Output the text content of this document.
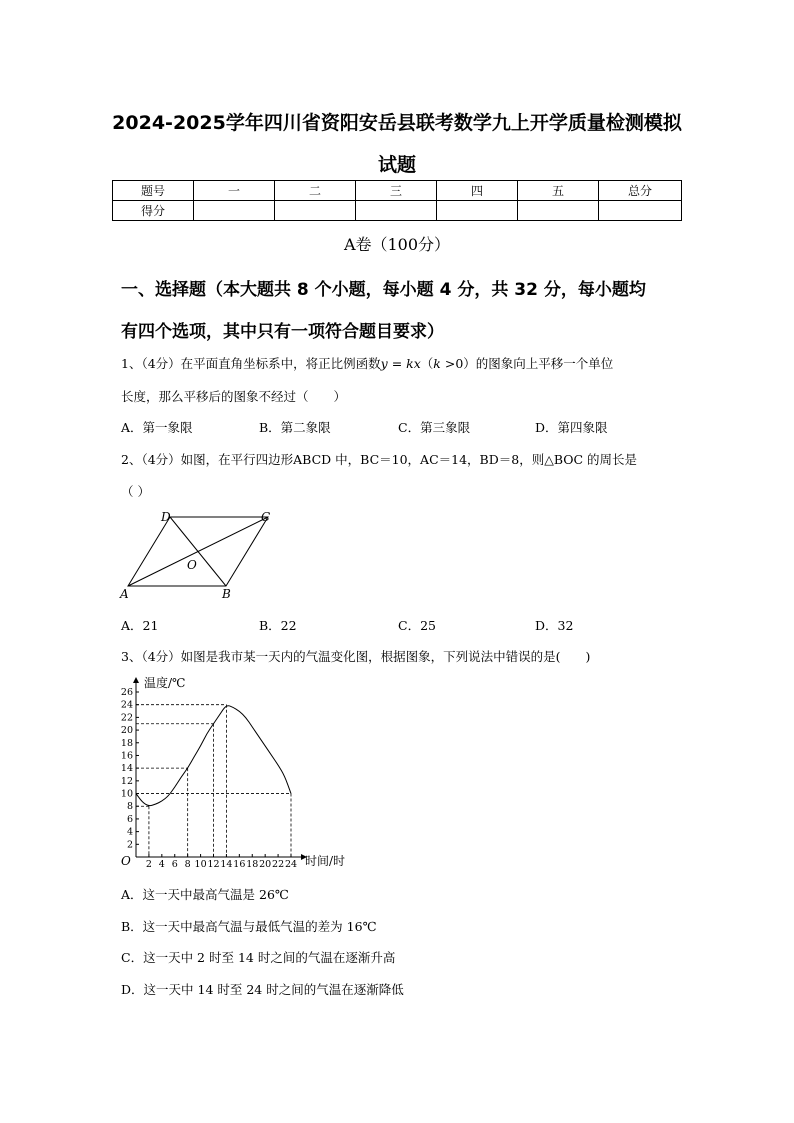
2024-2025学年四川省资阳安岳县联考数学九上开学质量检测模拟
试题
题号	一	二	三	四	五	总分
得分						
A卷（100分）
一、选择题（本大题共 8 个小题，每小题 4 分，共 32 分，每小题均
有四个选项，其中只有一项符合题目要求）
1、（4分）在平面直角坐标系中，将正比例函数y = kx（k >0）的图象向上平移一个单位
长度，那么平移后的图象不经过（　　）
A．第一象限	B．第二象限	C．第三象限	D．第四象限
2、（4分）如图，在平行四边形ABCD 中，BC＝10，AC＝14，BD＝8，则△BOC 的周长是
（ ）
A	B
C
D
O
A．21	B．22	C．25	D．32
3、（4分）如图是我市某一天内的气温变化图，根据图象，下列说法中错误的是(　　)
2 4 6 8 10 12 14 16 18 20 22 24
2
4
6
8
10
12
14
16
18
20
22
24
26
温度/℃
时间/时
O
A．这一天中最高气温是 26℃
B．这一天中最高气温与最低气温的差为 16℃
C．这一天中 2 时至 14 时之间的气温在逐渐升高
D．这一天中 14 时至 24 时之间的气温在逐渐降低
